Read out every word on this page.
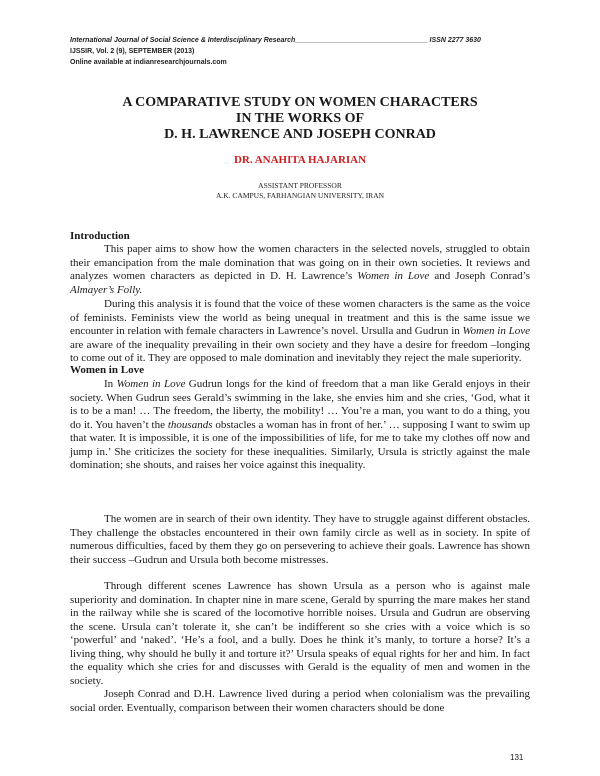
International Journal of Social Science & Interdisciplinary Research__________________________________ ISSN 2277 3630
IJSSIR, Vol. 2 (9), SEPTEMBER (2013)
Online available at indianresearchjournals.com
A COMPARATIVE STUDY ON WOMEN CHARACTERS
IN THE WORKS OF
D. H. LAWRENCE AND JOSEPH CONRAD
DR. ANAHITA HAJARIAN
ASSISTANT PROFESSOR
A.K. CAMPUS, FARHANGIAN UNIVERSITY, IRAN
Introduction

This paper aims to show how the women characters in the selected novels, struggled to obtain their emancipation from the male domination that was going on in their own societies. It reviews and analyzes women characters as depicted in D. H. Lawrence’s Women in Love and Joseph Conrad’s Almayer’s Folly.

During this analysis it is found that the voice of these women characters is the same as the voice of feminists. Feminists view the world as being unequal in treatment and this is the same issue we encounter in relation with female characters in Lawrence’s novel. Ursulla and Gudrun in Women in Love are aware of the inequality prevailing in their own society and they have a desire for freedom –longing to come out of it. They are opposed to male domination and inevitably they reject the male superiority.

Women in Love

In Women in Love Gudrun longs for the kind of freedom that a man like Gerald enjoys in their society. When Gudrun sees Gerald’s swimming in the lake, she envies him and she cries, ‘God, what it is to be a man! … The freedom, the liberty, the mobility! … You’re a man, you want to do a thing, you do it. You haven’t the thousands obstacles a woman has in front of her.’ … supposing I want to swim up that water. It is impossible, it is one of the impossibilities of life, for me to take my clothes off now and jump in.’ She criticizes the society for these inequalities. Similarly, Ursula is strictly against the male domination; she shouts, and raises her voice against this inequality.

The women are in search of their own identity. They have to struggle against different obstacles. They challenge the obstacles encountered in their own family circle as well as in society. In spite of numerous difficulties, faced by them they go on persevering to achieve their goals. Lawrence has shown their success –Gudrun and Ursula both become mistresses.

Through different scenes Lawrence has shown Ursula as a person who is against male superiority and domination. In chapter nine in mare scene, Gerald by spurring the mare makes her stand in the railway while she is scared of the locomotive horrible noises. Ursula and Gudrun are observing the scene. Ursula can’t tolerate it, she can’t be indifferent so she cries with a voice which is so ‘powerful’ and ‘naked’. ‘He’s a fool, and a bully. Does he think it’s manly, to torture a horse? It’s a living thing, why should he bully it and torture it?’ Ursula speaks of equal rights for her and him. In fact the equality which she cries for and discusses with Gerald is the equality of men and women in the society.

Joseph Conrad and D.H. Lawrence lived during a period when colonialism was the prevailing social order. Eventually, comparison between their women characters should be done

131
